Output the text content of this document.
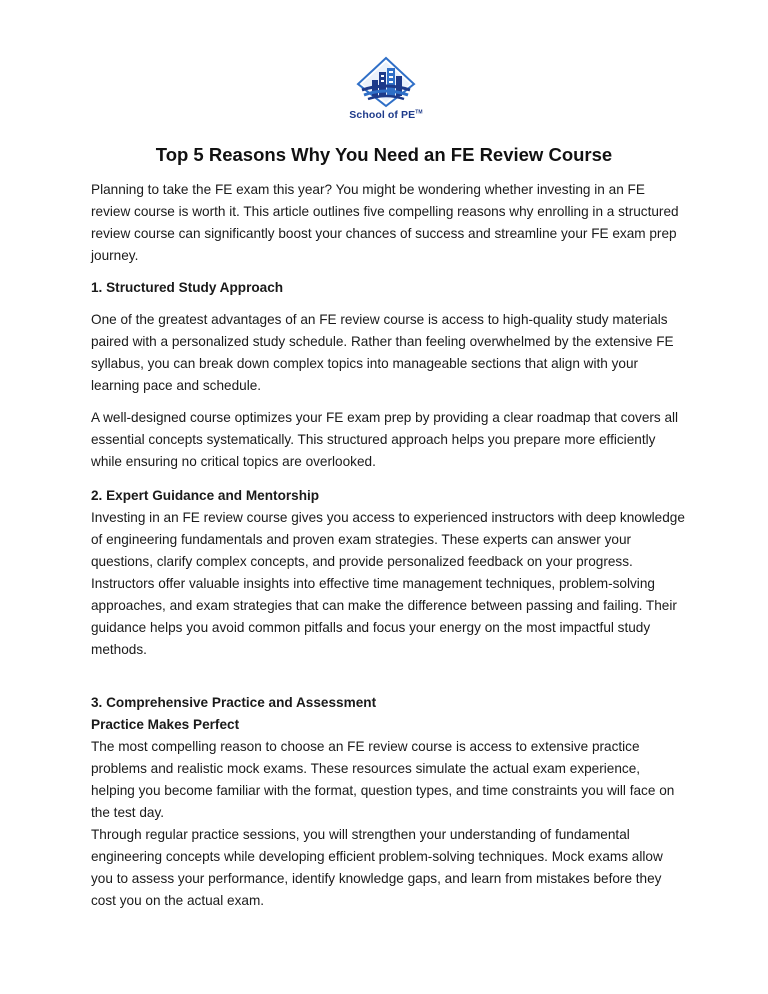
School of PE™
Top 5 Reasons Why You Need an FE Review Course

Planning to take the FE exam this year? You might be wondering whether investing in an FE review course is worth it. This article outlines five compelling reasons why enrolling in a structured review course can significantly boost your chances of success and streamline your FE exam prep journey.

1. Structured Study Approach

One of the greatest advantages of an FE review course is access to high-quality study materials paired with a personalized study schedule. Rather than feeling overwhelmed by the extensive FE syllabus, you can break down complex topics into manageable sections that align with your learning pace and schedule.

A well-designed course optimizes your FE exam prep by providing a clear roadmap that covers all essential concepts systematically. This structured approach helps you prepare more efficiently while ensuring no critical topics are overlooked.

2. Expert Guidance and Mentorship

Investing in an FE review course gives you access to experienced instructors with deep knowledge of engineering fundamentals and proven exam strategies. These experts can answer your questions, clarify complex concepts, and provide personalized feedback on your progress. Instructors offer valuable insights into effective time management techniques, problem-solving approaches, and exam strategies that can make the difference between passing and failing. Their guidance helps you avoid common pitfalls and focus your energy on the most impactful study methods.

3. Comprehensive Practice and Assessment

Practice Makes Perfect

The most compelling reason to choose an FE review course is access to extensive practice problems and realistic mock exams. These resources simulate the actual exam experience, helping you become familiar with the format, question types, and time constraints you will face on the test day.

Through regular practice sessions, you will strengthen your understanding of fundamental engineering concepts while developing efficient problem-solving techniques. Mock exams allow you to assess your performance, identify knowledge gaps, and learn from mistakes before they cost you on the actual exam.
